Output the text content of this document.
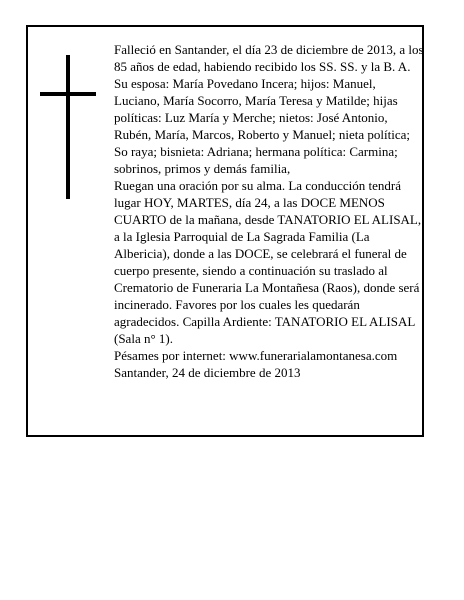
Falleció en Santander, el día 23 de diciembre de 2013, a los 85 años de edad, habiendo recibido los SS. SS. y la B. A.

Su esposa: María Povedano Incera; hijos: Manuel, Luciano, María Socorro, María Teresa y Matilde; hijas políticas: Luz María y Merche; nietos: José Antonio, Rubén, María, Marcos, Roberto y Manuel; nieta política; So raya; bisnieta: Adriana; hermana política: Carmina; sobrinos, primos y demás familia,

Ruegan una oración por su alma. La conducción tendrá lugar HOY, MARTES, día 24, a las DOCE MENOS CUARTO de la mañana, desde TANATORIO EL ALISAL, a la Iglesia Parroquial de La Sagrada Familia (La Albericia), donde a las DOCE, se celebrará el funeral de cuerpo presente, siendo a continuación su traslado al Crematorio de Funeraria La Montañesa (Raos), donde será incinerado. Favores por los cuales les quedarán agradecidos. Capilla Ardiente: TANATORIO EL ALISAL (Sala n° 1).

Pésames por internet: www.funerarialamontanesa.com

Santander, 24 de diciembre de 2013
